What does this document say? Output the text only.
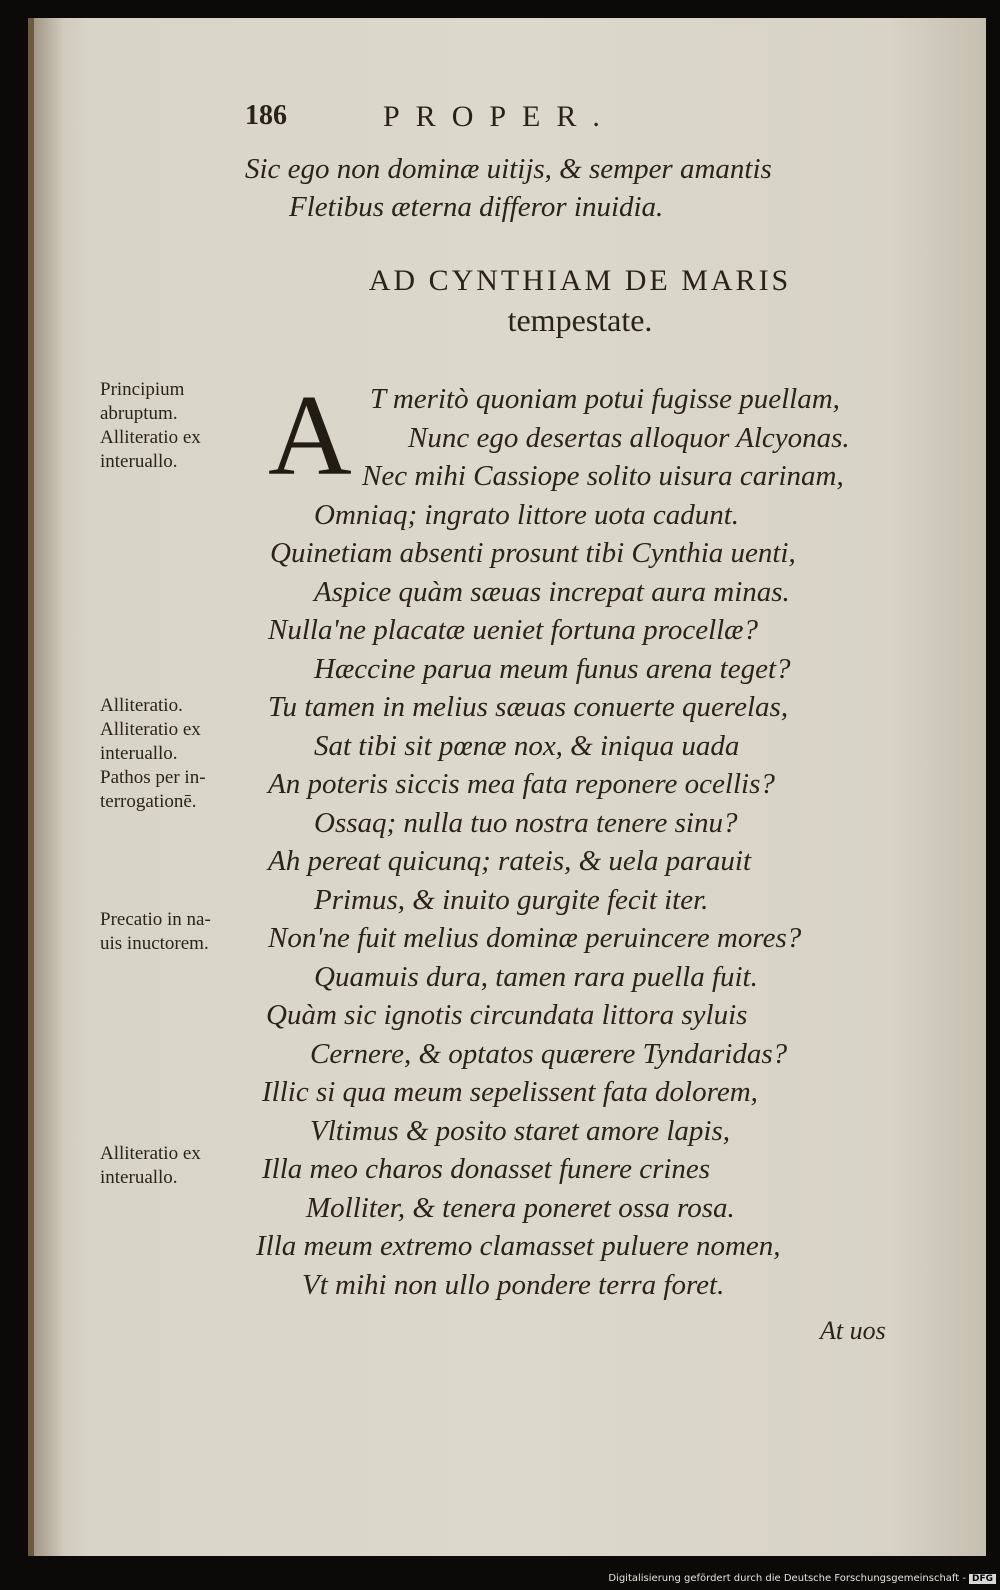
186	PROPER.
Sic ego non dominæ uitijs, & semper amantis
Fletibus æterna differor inuidia.
AD CYNTHIAM DE MARIS
tempestate.
A T meritò quoniam potui fugisse puellam,
Nunc ego desertas alloquor Alcyonas.
Nec mihi Cassiope solito uisura carinam,
Omniaq; ingrato littore uota cadunt.
Quinetiam absenti prosunt tibi Cynthia uenti,
Aspice quàm sæuas increpat aura minas.
Nulla'ne placatæ ueniet fortuna procellæ?
Hæccine parua meum funus arena teget?
Tu tamen in melius sæuas conuerte querelas,
Sat tibi sit pœnæ nox, & iniqua uada
An poteris siccis mea fata reponere ocellis?
Ossaq; nulla tuo nostra tenere sinu?
Ah pereat quicunq; rateis, & uela parauit
Primus, & inuito gurgite fecit iter.
Non'ne fuit melius dominæ peruincere mores?
Quamuis dura, tamen rara puella fuit.
Quàm sic ignotis circundata littora syluis
Cernere, & optatos quærere Tyndaridas?
Illic si qua meum sepelissent fata dolorem,
Vltimus & posito staret amore lapis,
Illa meo charos donasset funere crines
Molliter, & tenera poneret ossa rosa.
Illa meum extremo clamasset puluere nomen,
Vt mihi non ullo pondere terra foret.
Principium
abruptum.
Alliteratio ex
interuallo.
Alliteratio.
Alliteratio ex
interuallo.
Pathos per in-
terrogationē.
Precatio in na-
uis inuctorem.
Alliteratio ex
interuallo.
At uos
Digitalisierung gefördert durch die Deutsche Forschungsgemeinschaft - DFG
